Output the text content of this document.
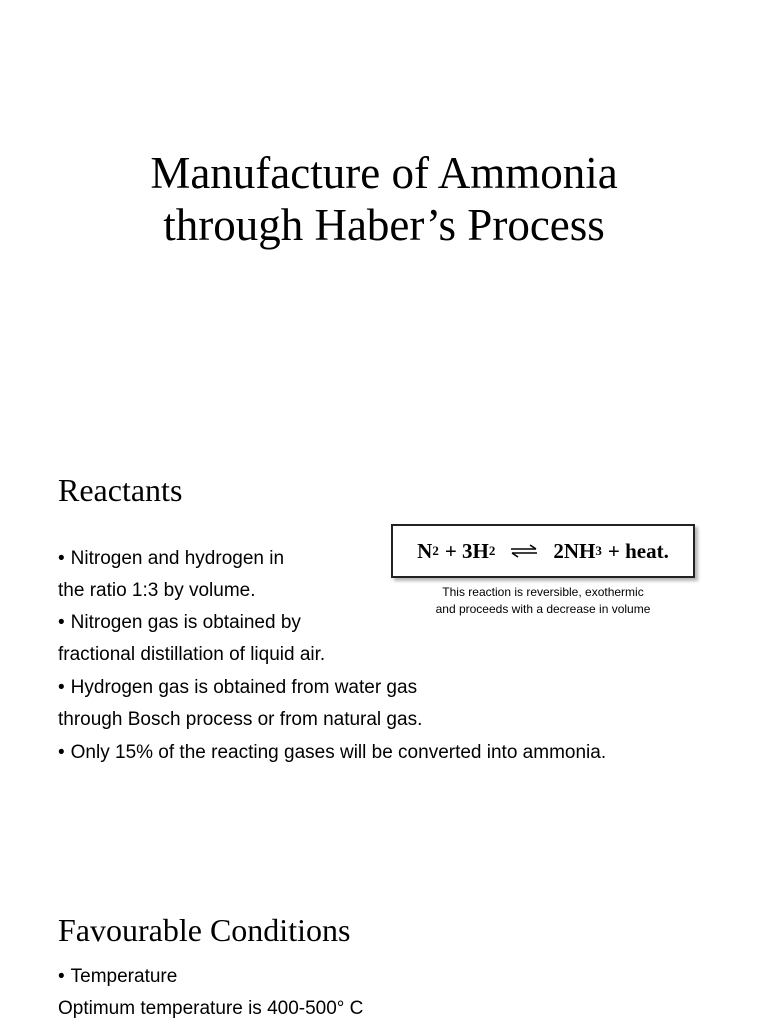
Manufacture of Ammonia
through Haber’s Process
Reactants
• Nitrogen and hydrogen in
the ratio 1:3 by volume.
• Nitrogen gas is obtained by
fractional distillation of liquid air.
• Hydrogen gas is obtained from water gas
through Bosch process or from natural gas.
• Only 15% of the reacting gases will be converted into ammonia.
N 2 + 3H 2 ⇌ 2NH 3 + heat.
This reaction is reversible, exothermic
and proceeds with a decrease in volume
Favourable Conditions
• Temperature
Optimum temperature is 400-500° C
